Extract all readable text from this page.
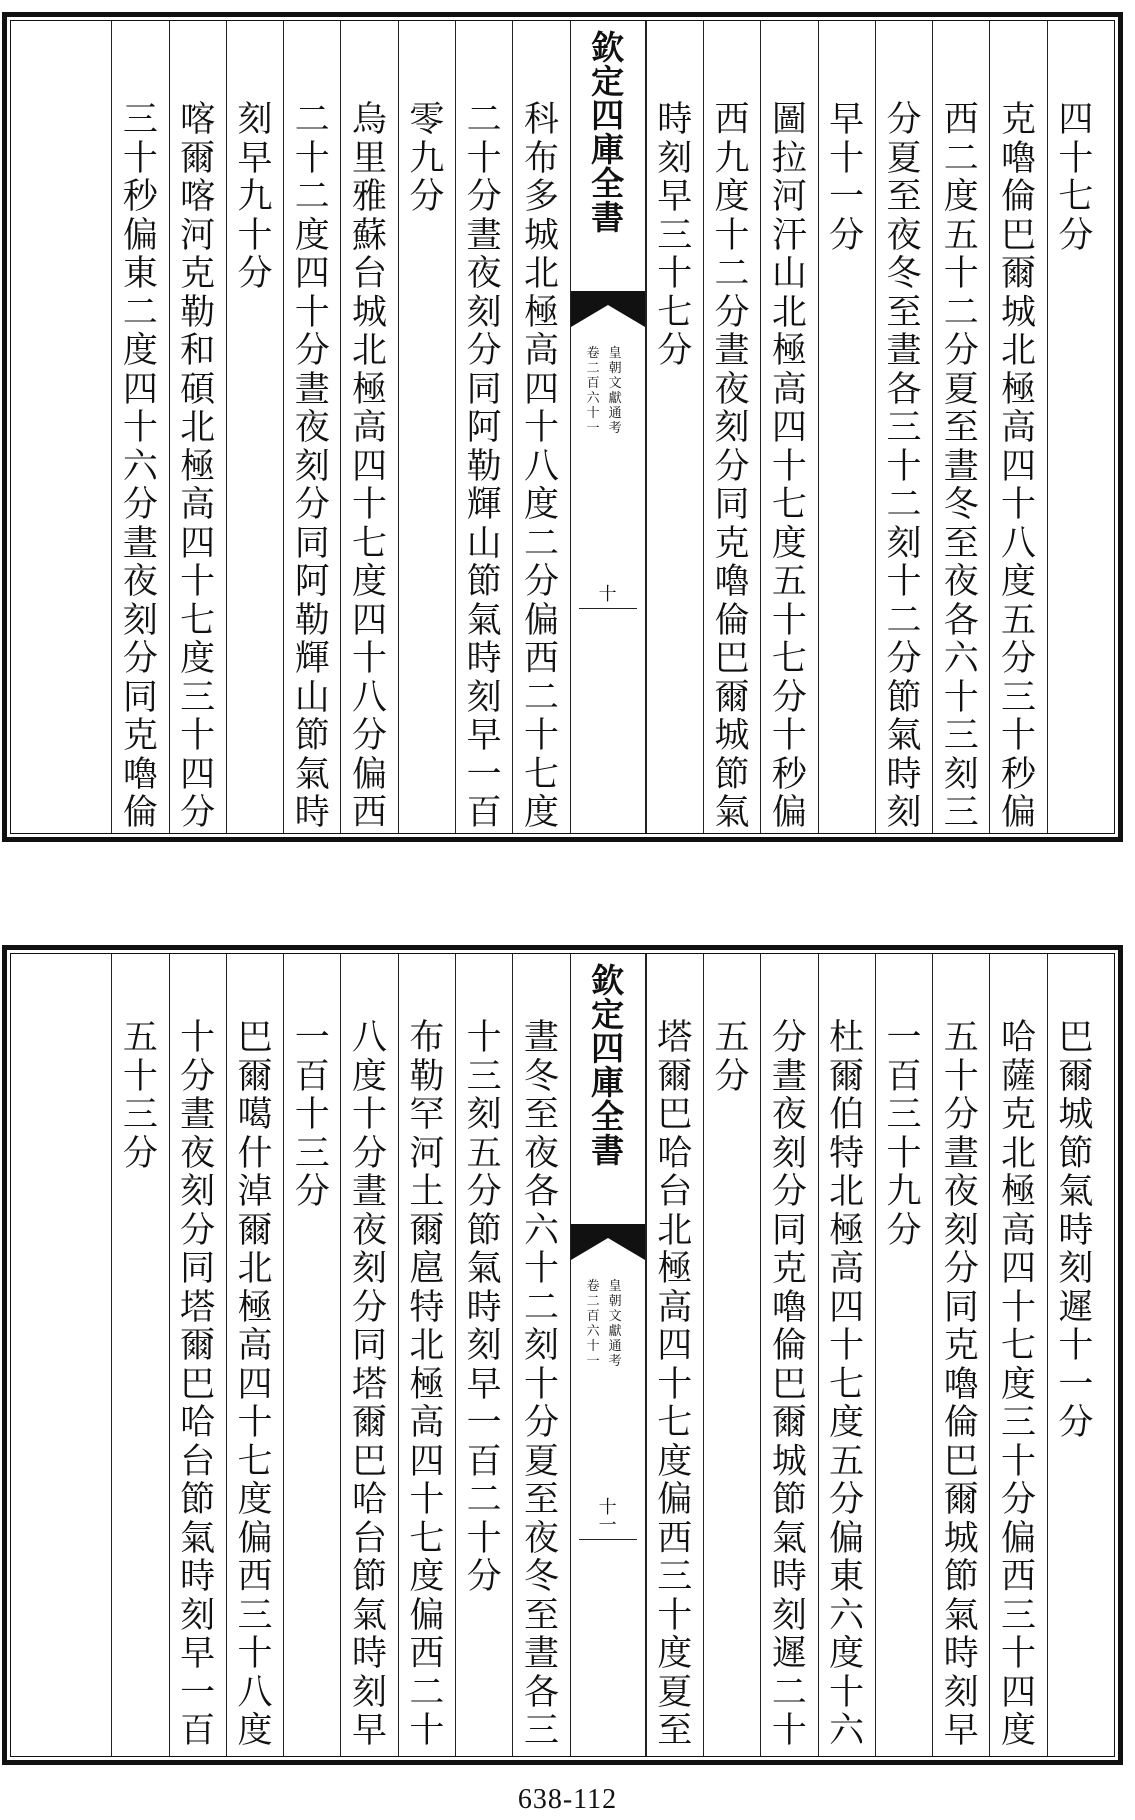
四
十
七
分
克
嚕
倫
巴
爾
城
北
極
高
四
十
八
度
五
分
三
十
秒
偏
西
二
度
五
十
二
分
夏
至
晝
冬
至
夜
各
六
十
三
刻
三
分
夏
至
夜
冬
至
晝
各
三
十
二
刻
十
二
分
節
氣
時
刻
早
十
一
分
圖
拉
河
汗
山
北
極
高
四
十
七
度
五
十
七
分
十
秒
偏
西
九
度
十
二
分
晝
夜
刻
分
同
克
嚕
倫
巴
爾
城
節
氣
時
刻
早
三
十
七
分
欽
定
四
庫
全
書
皇
朝
文
獻
通
考
卷
二
百
六
十
一
十
科
布
多
城
北
極
高
四
十
八
度
二
分
偏
西
二
十
七
度
二
十
分
晝
夜
刻
分
同
阿
勒
輝
山
節
氣
時
刻
早
一
百
零
九
分
烏
里
雅
蘇
台
城
北
極
高
四
十
七
度
四
十
八
分
偏
西
二
十
二
度
四
十
分
晝
夜
刻
分
同
阿
勒
輝
山
節
氣
時
刻
早
九
十
分
喀
爾
喀
河
克
勒
和
碩
北
極
高
四
十
七
度
三
十
四
分
三
十
秒
偏
東
二
度
四
十
六
分
晝
夜
刻
分
同
克
嚕
倫
巴
爾
城
節
氣
時
刻
遲
十
一
分
哈
薩
克
北
極
高
四
十
七
度
三
十
分
偏
西
三
十
四
度
五
十
分
晝
夜
刻
分
同
克
嚕
倫
巴
爾
城
節
氣
時
刻
早
一
百
三
十
九
分
杜
爾
伯
特
北
極
高
四
十
七
度
五
分
偏
東
六
度
十
六
分
晝
夜
刻
分
同
克
嚕
倫
巴
爾
城
節
氣
時
刻
遲
二
十
五
分
塔
爾
巴
哈
台
北
極
高
四
十
七
度
偏
西
三
十
度
夏
至
欽
定
四
庫
全
書
皇
朝
文
獻
通
考
卷
二
百
六
十
一
十
一
晝
冬
至
夜
各
六
十
二
刻
十
分
夏
至
夜
冬
至
晝
各
三
十
三
刻
五
分
節
氣
時
刻
早
一
百
二
十
分
布
勒
罕
河
土
爾
扈
特
北
極
高
四
十
七
度
偏
西
二
十
八
度
十
分
晝
夜
刻
分
同
塔
爾
巴
哈
台
節
氣
時
刻
早
一
百
十
三
分
巴
爾
噶
什
淖
爾
北
極
高
四
十
七
度
偏
西
三
十
八
度
十
分
晝
夜
刻
分
同
塔
爾
巴
哈
台
節
氣
時
刻
早
一
百
五
十
三
分
638-112
